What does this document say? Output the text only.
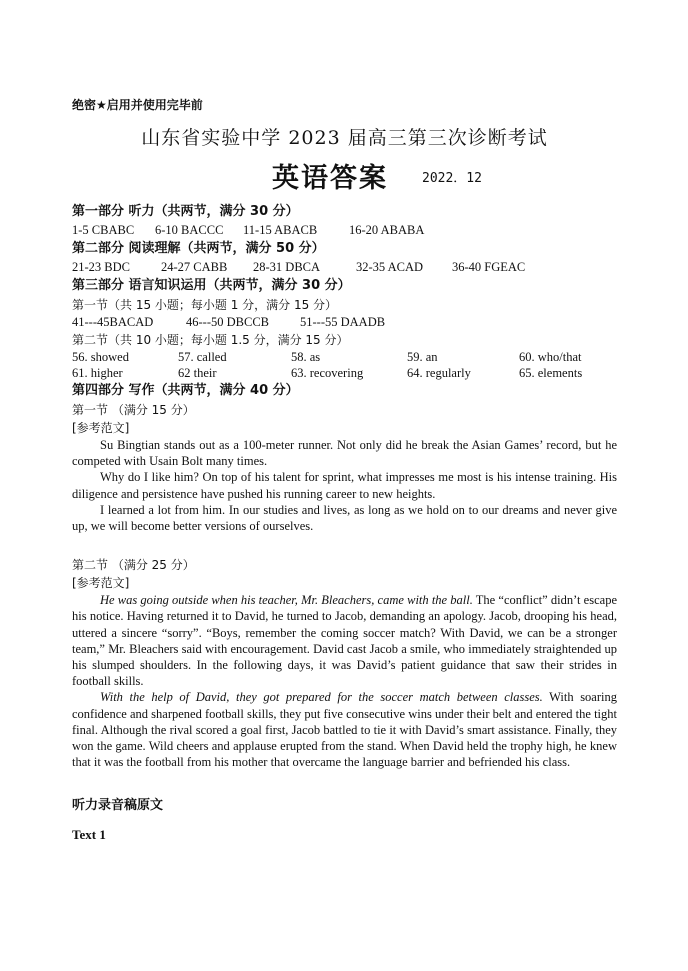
绝密★启用并使用完毕前

山东省实验中学 2023 届高三第三次诊断考试

英语答案	2022．12

第一部分 听力（共两节，满分 30 分）

1-5 CBABC 6-10 BACCC 11-15 ABACB	16-20 ABABA

第二部分 阅读理解（共两节，满分 50 分）

21-23 BDC 24-27 CABB 28-31 DBCA	32-35 ACAD 36-40 FGEAC

第三部分 语言知识运用（共两节，满分 30 分）

第一节（共 15 小题；每小题 1 分，满分 15 分）

41---45BACAD	46---50 DBCCB 51---55 DAADB

第二节（共 10 小题；每小题 1.5 分，满分 15 分）

56. showed	57. called	58. as	59. an	60. who/that
61. higher	62 their	63. recovering	64. regularly	65. elements

第四部分 写作（共两节，满分 40 分）

第一节 （满分 15 分）

[参考范文]

Su Bingtian stands out as a 100-meter runner. Not only did he break the Asian Games’ record, but he competed with Usain Bolt many times.

Why do I like him? On top of his talent for sprint, what impresses me most is his intense training. His diligence and persistence have pushed his running career to new heights.

I learned a lot from him. In our studies and lives, as long as we hold on to our dreams and never give up, we will become better versions of ourselves.

第二节 （满分 25 分）

[参考范文]

He was going outside when his teacher, Mr. Bleachers, came with the ball. The “conflict” didn’t escape his notice. Having returned it to David, he turned to Jacob, demanding an apology. Jacob, drooping his head, uttered a sincere “sorry”. “Boys, remember the coming soccer match? With David, we can be a stronger team,” Mr. Bleachers said with encouragement. David cast Jacob a smile, who immediately straightended up his slumped shoulders. In the following days, it was David’s patient guidance that saw their strides in football skills.

With the help of David, they got prepared for the soccer match between classes. With soaring confidence and sharpened football skills, they put five consecutive wins under their belt and entered the tight final. Although the rival scored a goal first, Jacob battled to tie it with David’s smart assistance. Finally, they won the game. Wild cheers and applause erupted from the stand. When David held the trophy high, he knew that it was the football from his mother that overcame the language barrier and befriended his class.

听力录音稿原文

Text 1
